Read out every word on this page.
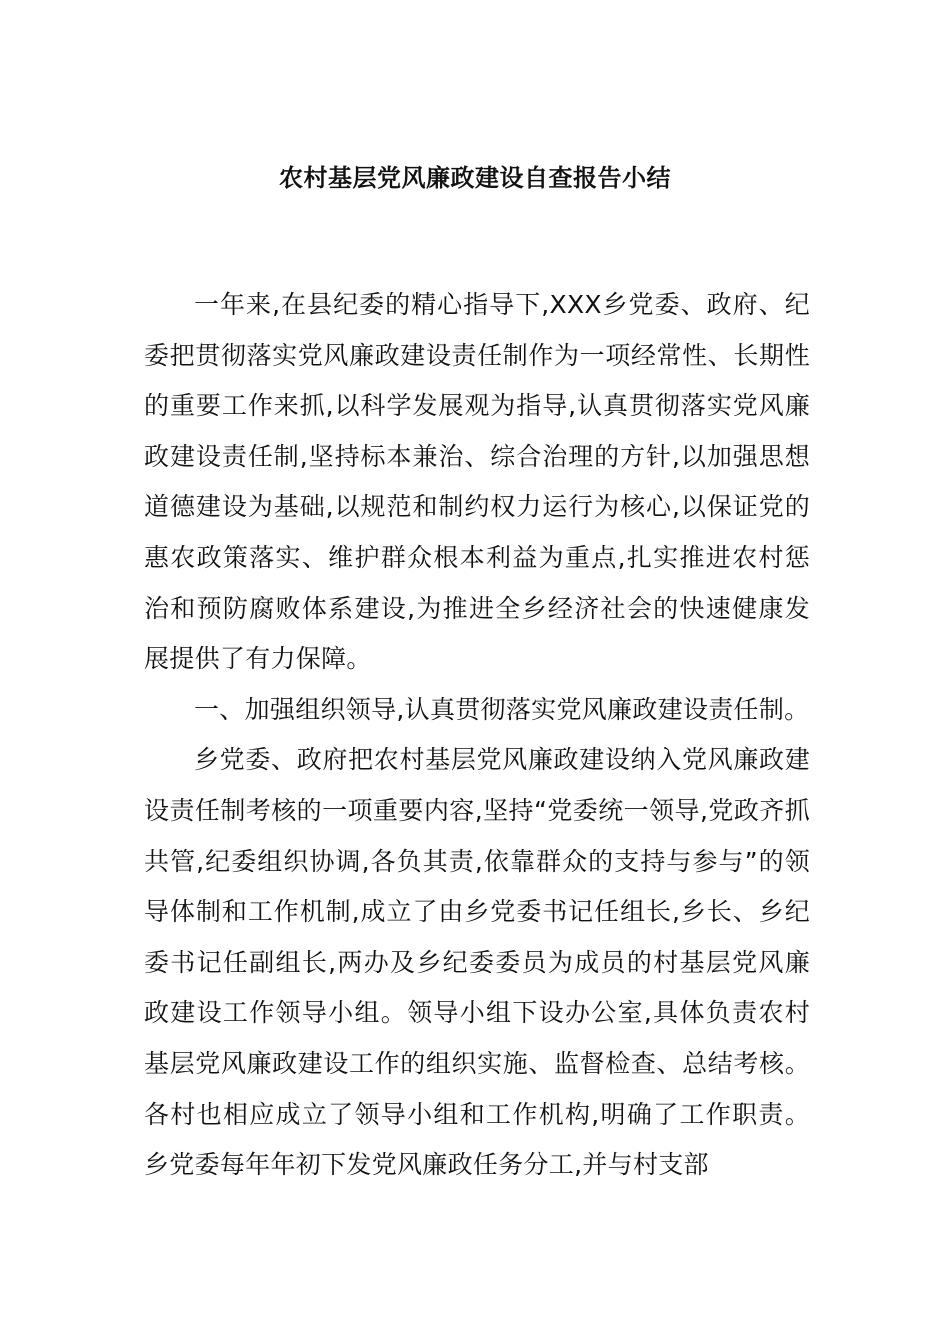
农村基层党风廉政建设自查报告小结

一年来,在县纪委的精心指导下,XXX乡党委、政府、纪委把贯彻落实党风廉政建设责任制作为一项经常性、长期性的重要工作来抓,以科学发展观为指导,认真贯彻落实党风廉政建设责任制,坚持标本兼治、综合治理的方针,以加强思想道德建设为基础,以规范和制约权力运行为核心,以保证党的惠农政策落实、维护群众根本利益为重点,扎实推进农村惩治和预防腐败体系建设,为推进全乡经济社会的快速健康发展提供了有力保障。

一、加强组织领导,认真贯彻落实党风廉政建设责任制。

乡党委、政府把农村基层党风廉政建设纳入党风廉政建设责任制考核的一项重要内容,坚持“党委统一领导,党政齐抓共管,纪委组织协调,各负其责,依靠群众的支持与参与”的领导体制和工作机制,成立了由乡党委书记任组长,乡长、乡纪委书记任副组长,两办及乡纪委委员为成员的村基层党风廉政建设工作领导小组。领导小组下设办公室,具体负责农村基层党风廉政建设工作的组织实施、监督检查、总结考核。各村也相应成立了领导小组和工作机构,明确了工作职责。乡党委每年年初下发党风廉政任务分工,并与村支部
